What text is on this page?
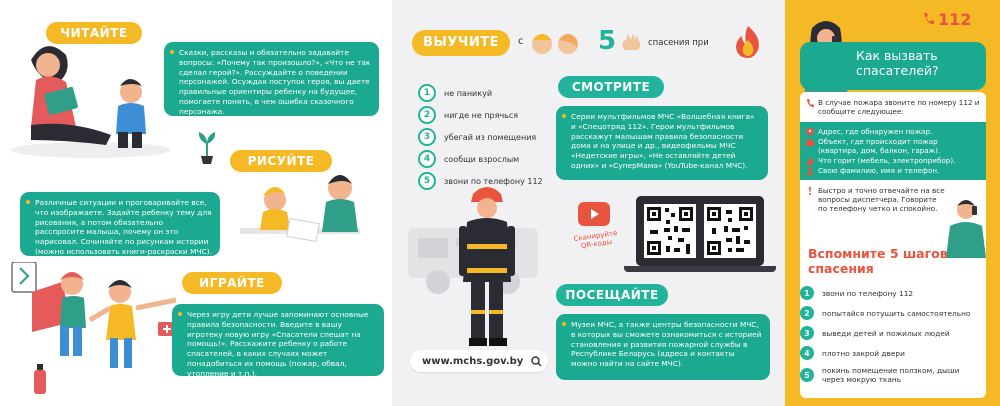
ЧИТАЙТЕ
Сказки, рассказы и обязательно задавайте вопросы: «Почему так произошло?», «Что не так сделал герой?». Рассуждайте о поведении персонажей. Осуждая поступок героя, вы даете правильные ориентиры ребенку на будущее, помогаете понять, в чем ошибка сказочного персонажа.
РИСУЙТЕ
Различные ситуации и проговаривайте все, что изображаете. Задайте ребенку тему для рисования, а потом обязательно расспросите малыша, почему он это нарисовал. Сочиняйте по рисункам истории (можно использовать книги-раскраски МЧС).
ИГРАЙТЕ
Через игру дети лучше запоминают основные правила безопасности. Введите в вашу игротеку новую игру «Спасатели спешат на помощь!». Расскажите ребенку о работе спасателей, в каких случаях может понадобиться их помощь (пожар, обвал, утопление и т.п.).
ВЫУЧИТЕ	с	5	спасения при
1	не паникуй
2	нигде не прячься
3	убегай из помещения
4	сообщи взрослым
5	звони по телефону 112
СМОТРИТЕ
Серии мультфильмов МЧС «Волшебная книга» и «Спецотряд 112». Герои мультфильмов расскажут малышам правила безопасности дома и на улице и др., видеофильмы МЧС «Недетские игры», «Не оставляйте детей одних» и «СуперМама» (YouTube-канал МЧС).
Сканируйте QR-коды
ПОСЕЩАЙТЕ
Музеи МЧС, а также центры безопасности МЧС, в которых вы сможете ознакомиться с историей становления и развития пожарной службы в Республике Беларусь (адреса и контакты можно найти на сайте МЧС).
www.mchs.gov.by
112
Как вызвать спасателей?
В случае пожара звоните по номеру 112 и сообщите следующее:
Адрес, где обнаружен пожар.
Объект, где происходит пожар (квартира, дом, балкон, гараж).
Что горит (мебель, электроприбор).
Свою фамилию, имя и телефон.
Быстро и точно отвечайте на все вопросы диспетчера. Говорите по телефону четко и спокойно.
Вспомните 5 шагов спасения
1	звони по телефону 112
2	попытайся потушить самостоятельно
3	выведи детей и пожилых людей
4	плотно закрой двери
5	покинь помещение ползком, дыши через мокрую ткань
